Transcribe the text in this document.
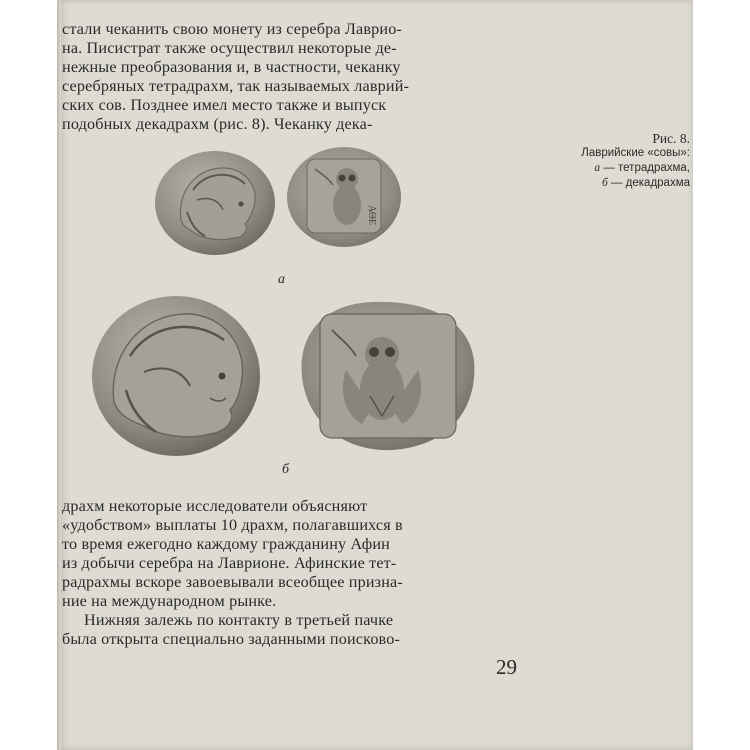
стали чеканить свою монету из серебра Лаврио-

на. Писистрат также осуществил некоторые де-

нежные преобразования и, в частности, чеканку

серебряных тетрадрахм, так называемых лаврий-

ских сов. Позднее имел место также и выпуск

подобных декадрахм (рис. 8). Чеканку дека-

Рис. 8.
Лаврийские «совы»:
а — тетрадрахма,
б — декадрахма
ΑΘΕ
а
б

драхм некоторые исследователи объясняют

«удобством» выплаты 10 драхм, полагавшихся в

то время ежегодно каждому гражданину Афин

из добычи серебра на Лаврионе. Афинские тет-

радрахмы вскоре завоевывали всеобщее призна-

ние на международном рынке.

Нижняя залежь по контакту в третьей пачке

была открыта специально заданными поисково-

29
